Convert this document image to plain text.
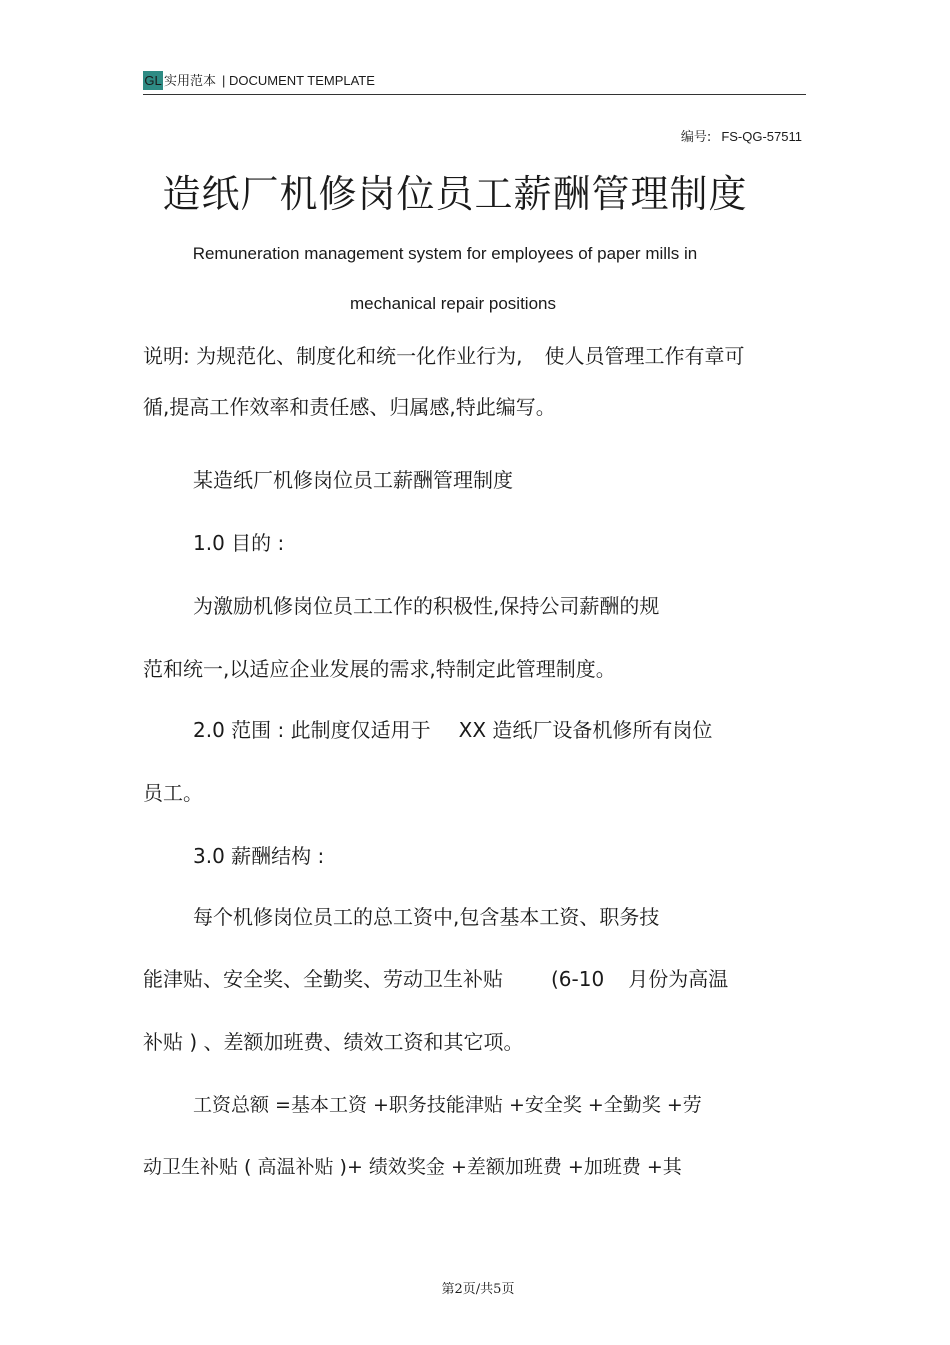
GL 实用范本 | DOCUMENT TEMPLATE
编号: FS-QG-57511
造纸厂机修岗位员工薪酬管理制度
Remuneration management system for employees of paper mills in
mechanical repair positions
说明: 为规范化、制度化和统一化作业行为, 使人员管理工作有章可
循,提高工作效率和责任感、归属感,特此编写。
某造纸厂机修岗位员工薪酬管理制度
1.0 目的 :
为激励机修岗位员工工作的积极性,保持公司薪酬的规
范和统一,以适应企业发展的需求,特制定此管理制度。
2.0 范围 : 此制度仅适用于 XX 造纸厂设备机修所有岗位
员工。
3.0 薪酬结构 :
每个机修岗位员工的总工资中,包含基本工资、职务技
能津贴、安全奖、全勤奖、劳动卫生补贴 (6-10 月份为高温
补贴 ) 、差额加班费、绩效工资和其它项。
工资总额 =基本工资 +职务技能津贴 +安全奖 +全勤奖 +劳
动卫生补贴 ( 高温补贴 )+ 绩效奖金 +差额加班费 +加班费 +其
第2页/共5页
